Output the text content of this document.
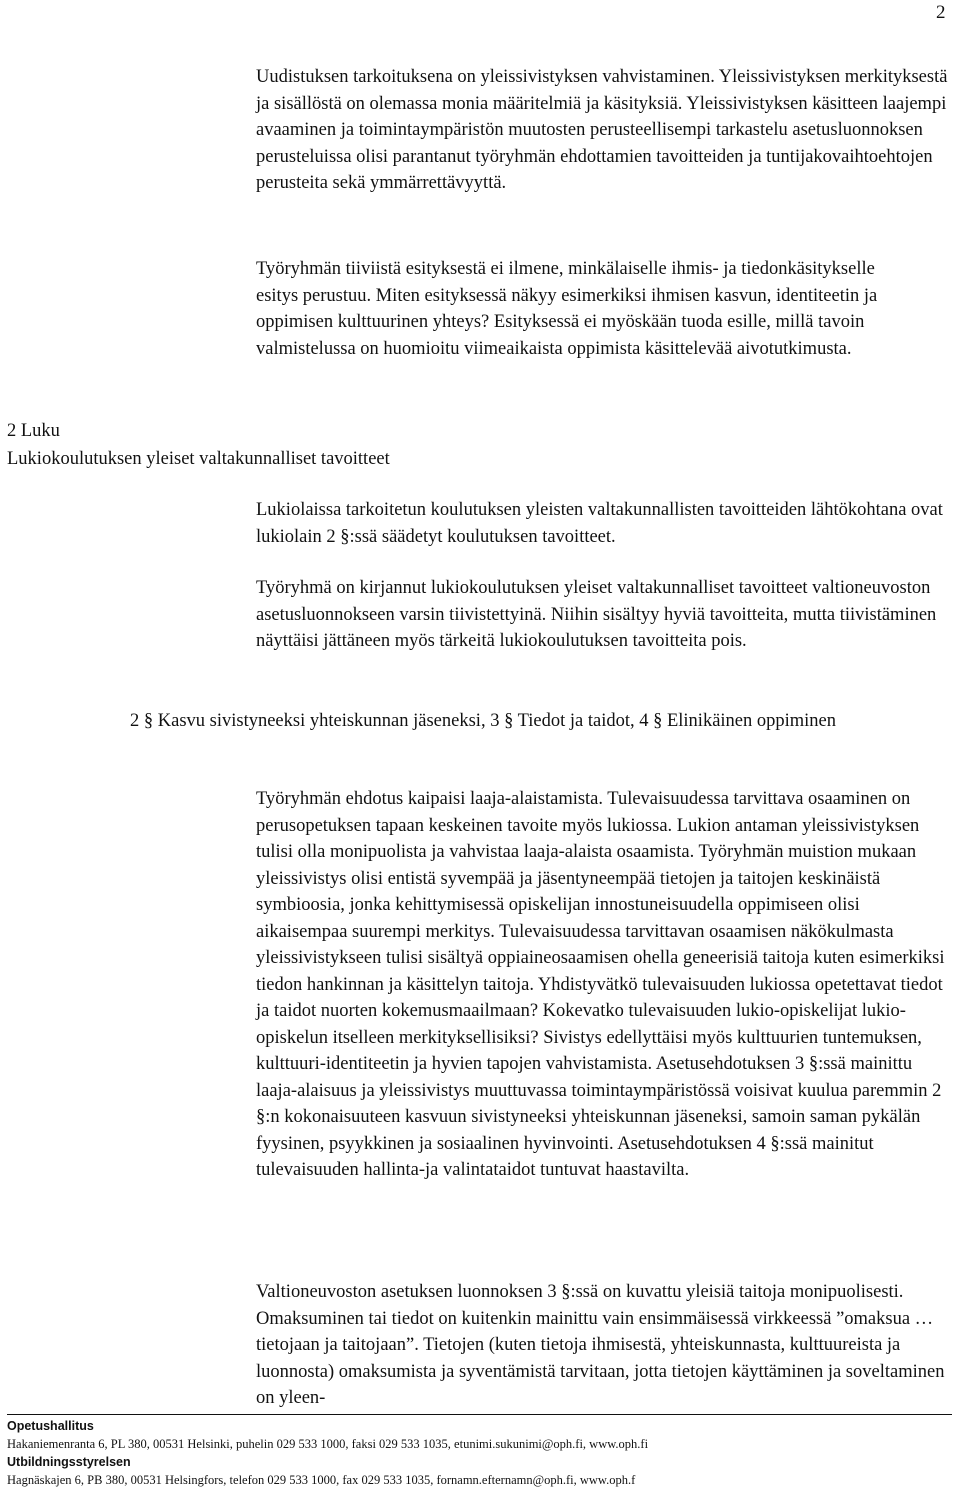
2

Uudistuksen tarkoituksena on yleissivistyksen vahvistaminen. Yleissivistyksen merkityksestä ja sisällöstä on olemassa monia määritelmiä ja käsityksiä. Yleissivistyksen käsitteen laajempi avaaminen ja toimintaympäristön muutosten perusteellisempi tarkastelu asetusluonnoksen perusteluissa olisi parantanut työryhmän ehdottamien tavoitteiden ja tuntijakovaihtoehtojen perusteita sekä ymmärrettävyyttä.

Työryhmän tiiviistä esityksestä ei ilmene, minkälaiselle ihmis- ja tiedonkäsitykselle esitys perustuu. Miten esityksessä näkyy esimerkiksi ihmisen kasvun, identiteetin ja oppimisen kulttuurinen yhteys? Esityksessä ei myöskään tuoda esille, millä tavoin valmistelussa on huomioitu viimeaikaista oppimista käsittelevää aivotutkimusta.

2 Luku
Lukiokoulutuksen yleiset valtakunnalliset tavoitteet

Lukiolaissa tarkoitetun koulutuksen yleisten valtakunnallisten tavoitteiden lähtökohtana ovat lukiolain 2 §:ssä säädetyt koulutuksen tavoitteet.

Työryhmä on kirjannut lukiokoulutuksen yleiset valtakunnalliset tavoitteet valtioneuvoston asetusluonnokseen varsin tiivistettyinä. Niihin sisältyy hyviä tavoitteita, mutta tiivistäminen näyttäisi jättäneen myös tärkeitä lukiokoulutuksen tavoitteita pois.

2 § Kasvu sivistyneeksi yhteiskunnan jäseneksi, 3 § Tiedot ja taidot, 4 § Elinikäinen oppiminen

Työryhmän ehdotus kaipaisi laaja-alaistamista. Tulevaisuudessa tarvittava osaaminen on perusopetuksen tapaan keskeinen tavoite myös lukiossa. Lukion antaman yleissivistyksen tulisi olla monipuolista ja vahvistaa laaja-alaista osaamista. Työryhmän muistion mukaan yleissivistys olisi entistä syvempää ja jäsentyneempää tietojen ja taitojen keskinäistä symbioosia, jonka kehittymisessä opiskelijan innostuneisuudella oppimiseen olisi aikaisempaa suurempi merkitys. Tulevaisuudessa tarvittavan osaamisen näkökulmasta yleissivistykseen tulisi sisältyä oppiaineosaamisen ohella geneerisiä taitoja kuten esimerkiksi tiedon hankinnan ja käsittelyn taitoja. Yhdistyvätkö tulevaisuuden lukiossa opetettavat tiedot ja taidot nuorten kokemusmaailmaan? Kokevatko tulevaisuuden lukio-opiskelijat lukio-opiskelun itselleen merkityksellisiksi? Sivistys edellyttäisi myös kulttuurien tuntemuksen, kulttuuri-identiteetin ja hyvien tapojen vahvistamista. Asetusehdotuksen 3 §:ssä mainittu laaja-alaisuus ja yleissivistys muuttuvassa toimintaympäristössä voisivat kuulua paremmin 2 §:n kokonaisuuteen kasvuun sivistyneeksi yhteiskunnan jäseneksi, samoin saman pykälän fyysinen, psyykkinen ja sosiaalinen hyvinvointi. Asetusehdotuksen 4 §:ssä mainitut tulevaisuuden hallinta-ja valintataidot tuntuvat haastavilta.

Valtioneuvoston asetuksen luonnoksen 3 §:ssä on kuvattu yleisiä taitoja monipuolisesti. Omaksuminen tai tiedot on kuitenkin mainittu vain ensimmäisessä virkkeessä ”omaksua … tietojaan ja taitojaan”. Tietojen (kuten tietoja ihmisestä, yhteiskunnasta, kulttuureista ja luonnosta) omaksumista ja syventämistä tarvitaan, jotta tietojen käyttäminen ja soveltaminen on yleen-

Opetushallitus
Hakaniemenranta 6, PL 380, 00531 Helsinki, puhelin 029 533 1000, faksi 029 533 1035, etunimi.sukunimi@oph.fi, www.oph.fi
Utbildningsstyrelsen
Hagnäskajen 6, PB 380, 00531 Helsingfors, telefon 029 533 1000, fax 029 533 1035, fornamn.efternamn@oph.fi, www.oph.f
